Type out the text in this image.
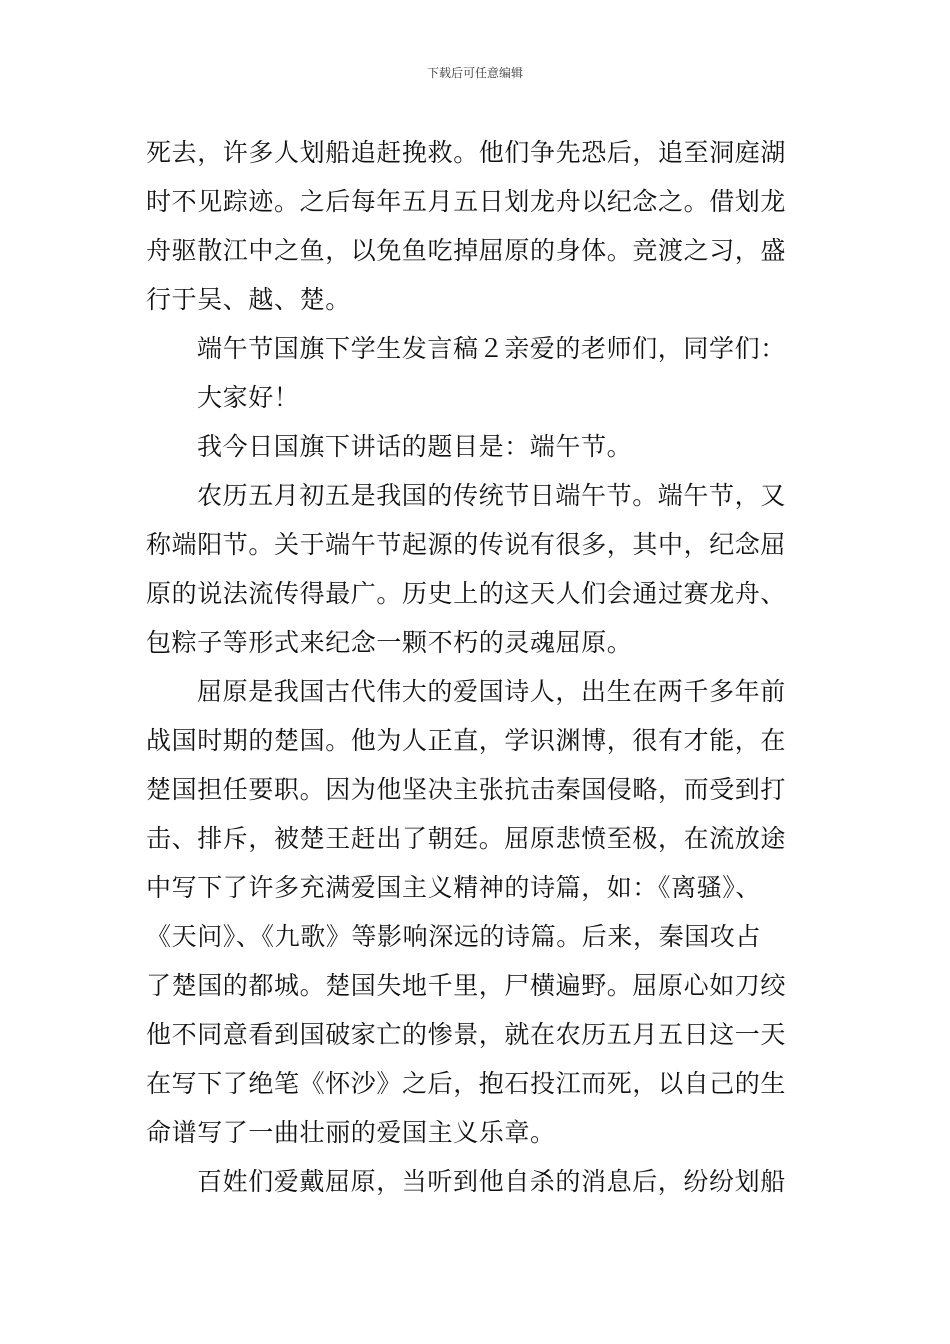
下载后可任意编辑
死去，许多人划船追赶挽救。他们争先恐后，追至洞庭湖
时不见踪迹。之后每年五月五日划龙舟以纪念之。借划龙
舟驱散江中之鱼，以免鱼吃掉屈原的身体。竞渡之习，盛
行于吴、越、楚。
端午节国旗下学生发言稿２亲爱的老师们，同学们：
大家好！
我今日国旗下讲话的题目是：端午节。
农历五月初五是我国的传统节日端午节。端午节，又
称端阳节。关于端午节起源的传说有很多，其中，纪念屈
原的说法流传得最广。历史上的这天人们会通过赛龙舟、
包粽子等形式来纪念一颗不朽的灵魂屈原。
屈原是我国古代伟大的爱国诗人，出生在两千多年前
战国时期的楚国。他为人正直，学识渊博，很有才能，在
楚国担任要职。因为他坚决主张抗击秦国侵略，而受到打
击、排斥，被楚王赶出了朝廷。屈原悲愤至极，在流放途
中写下了许多充满爱国主义精神的诗篇，如：《离骚》、
《天问》、《九歌》等影响深远的诗篇。后来，秦国攻占
了楚国的都城。楚国失地千里，尸横遍野。屈原心如刀绞
他不同意看到国破家亡的惨景，就在农历五月五日这一天
在写下了绝笔《怀沙》之后，抱石投江而死，以自己的生
命谱写了一曲壮丽的爱国主义乐章。
百姓们爱戴屈原，当听到他自杀的消息后，纷纷划船
